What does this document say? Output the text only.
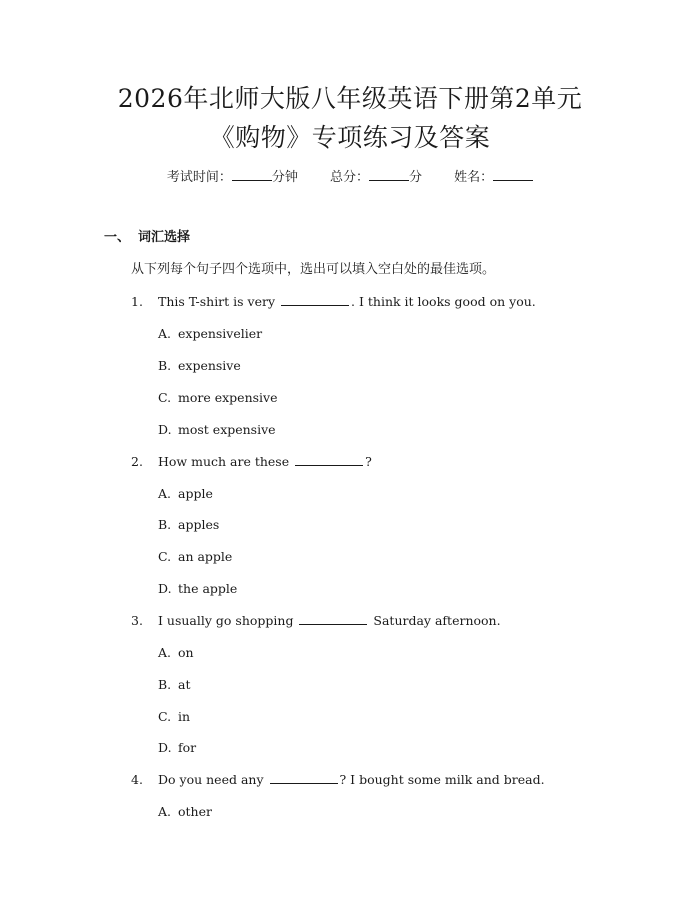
2026年北师大版八年级英语下册第2单元
《购物》专项练习及答案
考试时间：	分钟 总分：	分 姓名：
一、 词汇选择
从下列每个句子四个选项中，选出可以填入空白处的最佳选项。
1. This T-shirt is very	. I think it looks good on you.
A. expensivelier
B. expensive
C. more expensive
D. most expensive
2. How much are these	?
A. apple
B. apples
C. an apple
D. the apple
3. I usually go shopping	Saturday afternoon.
A. on
B. at
C. in
D. for
4. Do you need any	? I bought some milk and bread.
A. other
